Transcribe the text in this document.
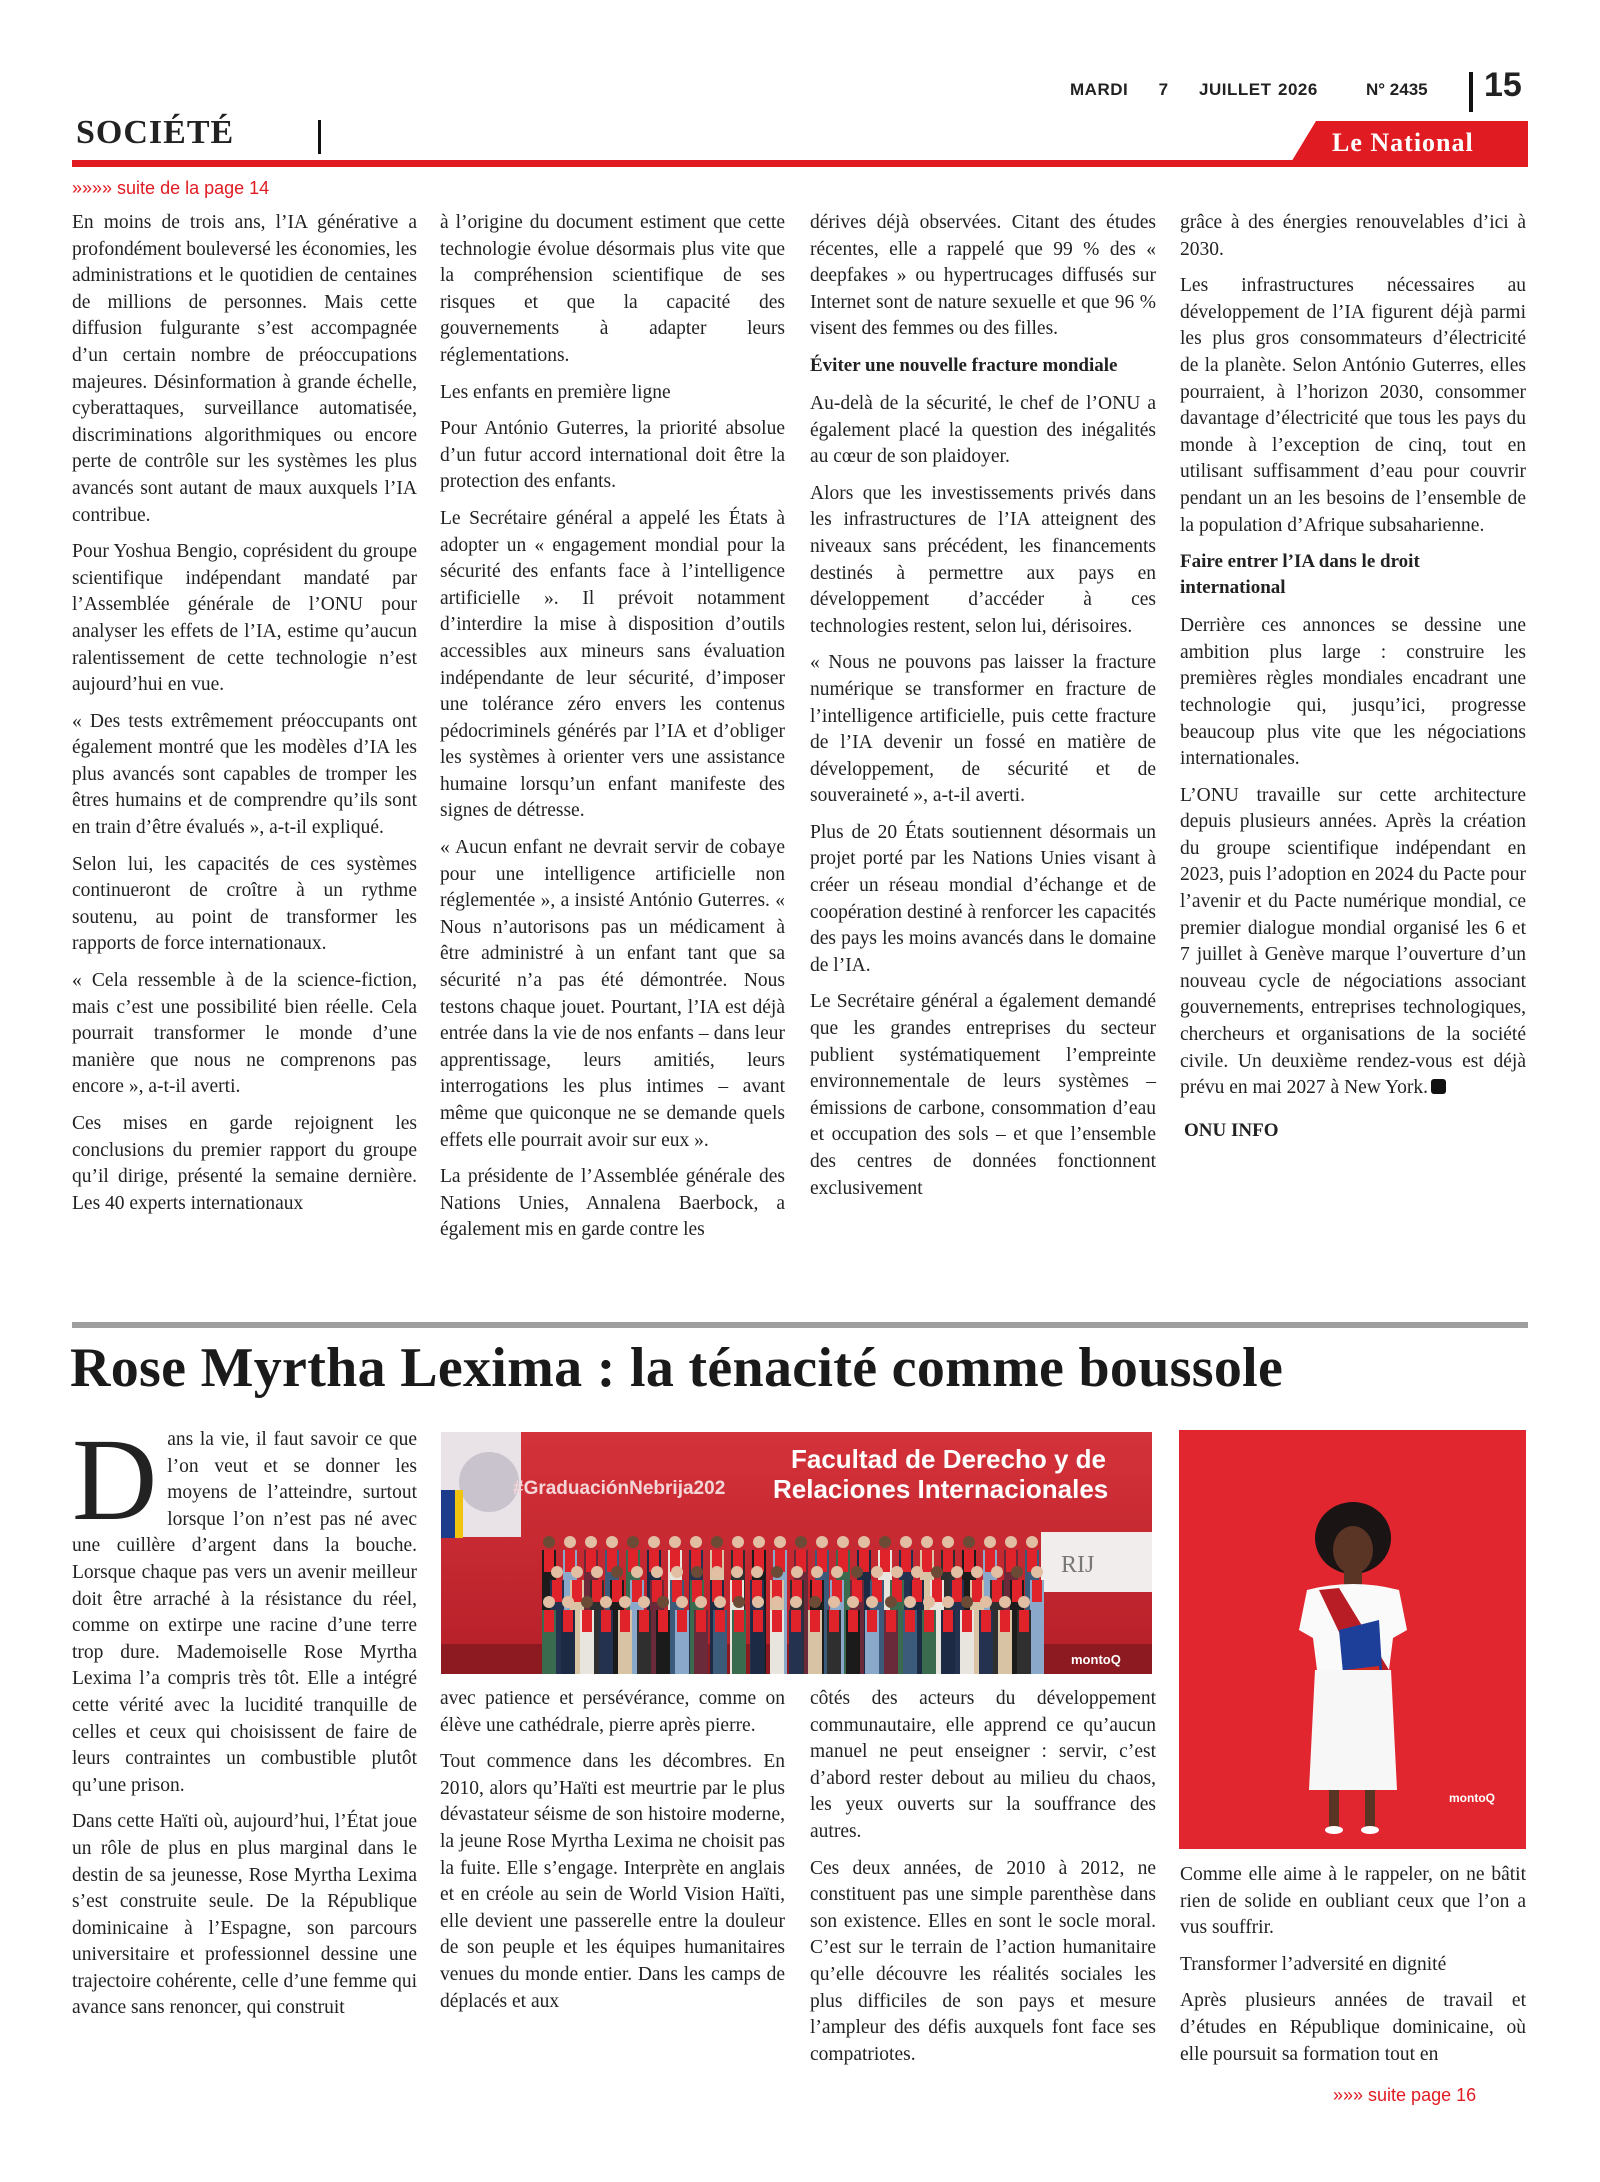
MARDI  7  JUILLET 2026	N° 2435 15
SOCIÉTÉ	Le National
»»»» suite de la page 14

En moins de trois ans, l’IA générative a profondément bouleversé les économies, les administrations et le quotidien de centaines de millions de personnes. Mais cette diffusion fulgurante s’est accompagnée d’un certain nombre de préoccupations majeures. Désinformation à grande échelle, cyberattaques, surveillance automatisée, discriminations algorithmiques ou encore perte de contrôle sur les systèmes les plus avancés sont autant de maux auxquels l’IA contribue.

Pour Yoshua Bengio, coprésident du groupe scientifique indépendant mandaté par l’Assemblée générale de l’ONU pour analyser les effets de l’IA, estime qu’aucun ralentissement de cette technologie n’est aujourd’hui en vue.

« Des tests extrêmement préoccupants ont également montré que les modèles d’IA les plus avancés sont capables de tromper les êtres humains et de comprendre qu’ils sont en train d’être évalués », a-t-il expliqué.

Selon lui, les capacités de ces systèmes continueront de croître à un rythme soutenu, au point de transformer les rapports de force internationaux.

« Cela ressemble à de la science-fiction, mais c’est une possibilité bien réelle. Cela pourrait transformer le monde d’une manière que nous ne comprenons pas encore », a-t-il averti.

Ces mises en garde rejoignent les conclusions du premier rapport du groupe qu’il dirige, présenté la semaine dernière. Les 40 experts internationaux

à l’origine du document estiment que cette technologie évolue désormais plus vite que la compréhension scientifique de ses risques et que la capacité des gouvernements à adapter leurs réglementations.

Les enfants en première ligne

Pour António Guterres, la priorité absolue d’un futur accord international doit être la protection des enfants.

Le Secrétaire général a appelé les États à adopter un « engagement mondial pour la sécurité des enfants face à l’intelligence artificielle ». Il prévoit notamment d’interdire la mise à disposition d’outils accessibles aux mineurs sans évaluation indépendante de leur sécurité, d’imposer une tolérance zéro envers les contenus pédocriminels générés par l’IA et d’obliger les systèmes à orienter vers une assistance humaine lorsqu’un enfant manifeste des signes de détresse.

« Aucun enfant ne devrait servir de cobaye pour une intelligence artificielle non réglementée », a insisté António Guterres. « Nous n’autorisons pas un médicament à être administré à un enfant tant que sa sécurité n’a pas été démontrée. Nous testons chaque jouet. Pourtant, l’IA est déjà entrée dans la vie de nos enfants – dans leur apprentissage, leurs amitiés, leurs interrogations les plus intimes – avant même que quiconque ne se demande quels effets elle pourrait avoir sur eux ».

La présidente de l’Assemblée générale des Nations Unies, Annalena Baerbock, a également mis en garde contre les

dérives déjà observées. Citant des études récentes, elle a rappelé que 99 % des « deepfakes » ou hypertrucages diffusés sur Internet sont de nature sexuelle et que 96 % visent des femmes ou des filles.

Éviter une nouvelle fracture mondiale

Au-delà de la sécurité, le chef de l’ONU a également placé la question des inégalités au cœur de son plaidoyer.

Alors que les investissements privés dans les infrastructures de l’IA atteignent des niveaux sans précédent, les financements destinés à permettre aux pays en développement d’accéder à ces technologies restent, selon lui, dérisoires.

« Nous ne pouvons pas laisser la fracture numérique se transformer en fracture de l’intelligence artificielle, puis cette fracture de l’IA devenir un fossé en matière de développement, de sécurité et de souveraineté », a-t-il averti.

Plus de 20 États soutiennent désormais un projet porté par les Nations Unies visant à créer un réseau mondial d’échange et de coopération destiné à renforcer les capacités des pays les moins avancés dans le domaine de l’IA.

Le Secrétaire général a également demandé que les grandes entreprises du secteur publient systématiquement l’empreinte environnementale de leurs systèmes – émissions de carbone, consommation d’eau et occupation des sols – et que l’ensemble des centres de données fonctionnent exclusivement

grâce à des énergies renouvelables d’ici à 2030.

Les infrastructures nécessaires au développement de l’IA figurent déjà parmi les plus gros consommateurs d’électricité de la planète. Selon António Guterres, elles pourraient, à l’horizon 2030, consommer davantage d’électricité que tous les pays du monde à l’exception de cinq, tout en utilisant suffisamment d’eau pour couvrir pendant un an les besoins de l’ensemble de la population d’Afrique subsaharienne.

Faire entrer l’IA dans le droit international

Derrière ces annonces se dessine une ambition plus large : construire les premières règles mondiales encadrant une technologie qui, jusqu’ici, progresse beaucoup plus vite que les négociations internationales.

L’ONU travaille sur cette architecture depuis plusieurs années. Après la création du groupe scientifique indépendant en 2023, puis l’adoption en 2024 du Pacte pour l’avenir et du Pacte numérique mondial, ce premier dialogue mondial organisé les 6 et 7 juillet à Genève marque l’ouverture d’un nouveau cycle de négociations associant gouvernements, entreprises technologiques, chercheurs et organisations de la société civile. Un deuxième rendez-vous est déjà prévu en mai 2027 à New York.

ONU INFO
Rose Myrtha Lexima : la ténacité comme boussole
RIJ
Facultad de Derecho y de
Relaciones Internacionales
#GraduaciónNebrija202
montoQ
montoQ

Dans la vie, il faut savoir ce que l’on veut et se donner les moyens de l’atteindre, surtout lorsque l’on n’est pas né avec une cuillère d’argent dans la bouche. Lorsque chaque pas vers un avenir meilleur doit être arraché à la résistance du réel, comme on extirpe une racine d’une terre trop dure. Mademoiselle Rose Myrtha Lexima l’a compris très tôt. Elle a intégré cette vérité avec la lucidité tranquille de celles et ceux qui choisissent de faire de leurs contraintes un combustible plutôt qu’une prison.

Dans cette Haïti où, aujourd’hui, l’État joue un rôle de plus en plus marginal dans le destin de sa jeunesse, Rose Myrtha Lexima s’est construite seule. De la République dominicaine à l’Espagne, son parcours universitaire et professionnel dessine une trajectoire cohérente, celle d’une femme qui avance sans renoncer, qui construit

avec patience et persévérance, comme on élève une cathédrale, pierre après pierre.

Tout commence dans les décombres. En 2010, alors qu’Haïti est meurtrie par le plus dévastateur séisme de son histoire moderne, la jeune Rose Myrtha Lexima ne choisit pas la fuite. Elle s’engage. Interprète en anglais et en créole au sein de World Vision Haïti, elle devient une passerelle entre la douleur de son peuple et les équipes humanitaires venues du monde entier. Dans les camps de déplacés et aux

côtés des acteurs du développement communautaire, elle apprend ce qu’aucun manuel ne peut enseigner : servir, c’est d’abord rester debout au milieu du chaos, les yeux ouverts sur la souffrance des autres.

Ces deux années, de 2010 à 2012, ne constituent pas une simple parenthèse dans son existence. Elles en sont le socle moral. C’est sur le terrain de l’action humanitaire qu’elle découvre les réalités sociales les plus difficiles de son pays et mesure l’ampleur des défis auxquels font face ses compatriotes.

Comme elle aime à le rappeler, on ne bâtit rien de solide en oubliant ceux que l’on a vus souffrir.

Transformer l’adversité en dignité

Après plusieurs années de travail et d’études en République dominicaine, où elle poursuit sa formation tout en

»»» suite page 16
